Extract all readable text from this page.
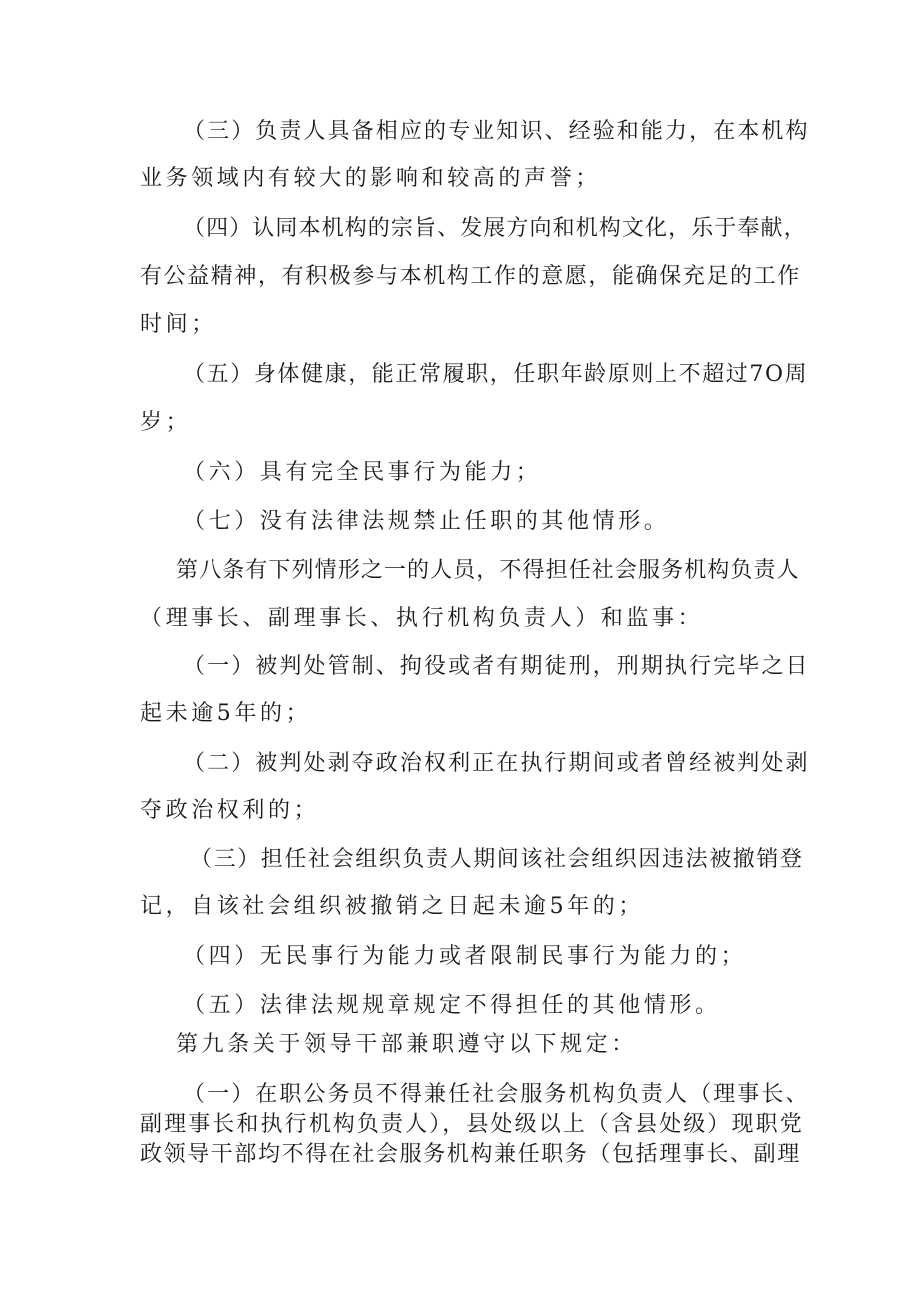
（三）负责人具备相应的专业知识、经验和能力，在本机构

业务领域内有较大的影响和较高的声誉；

（四）认同本机构的宗旨、发展方向和机构文化，乐于奉献，

有公益精神，有积极参与本机构工作的意愿，能确保充足的工作

时间；

（五）身体健康，能正常履职，任职年龄原则上不超过7O周

岁；

（六）具有完全民事行为能力；

（七）没有法律法规禁止任职的其他情形。

第八条有下列情形之一的人员，不得担任社会服务机构负责人

（理事长、副理事长、执行机构负责人）和监事：

（一）被判处管制、拘役或者有期徒刑，刑期执行完毕之日

起未逾5年的；

（二）被判处剥夺政治权利正在执行期间或者曾经被判处剥

夺政治权利的；

（三）担任社会组织负责人期间该社会组织因违法被撤销登

记，自该社会组织被撤销之日起未逾5年的；

（四）无民事行为能力或者限制民事行为能力的；

（五）法律法规规章规定不得担任的其他情形。

第九条关于领导干部兼职遵守以下规定：

（一）在职公务员不得兼任社会服务机构负责人（理事长、

副理事长和执行机构负责人），县处级以上（含县处级）现职党

政领导干部均不得在社会服务机构兼任职务（包括理事长、副理
